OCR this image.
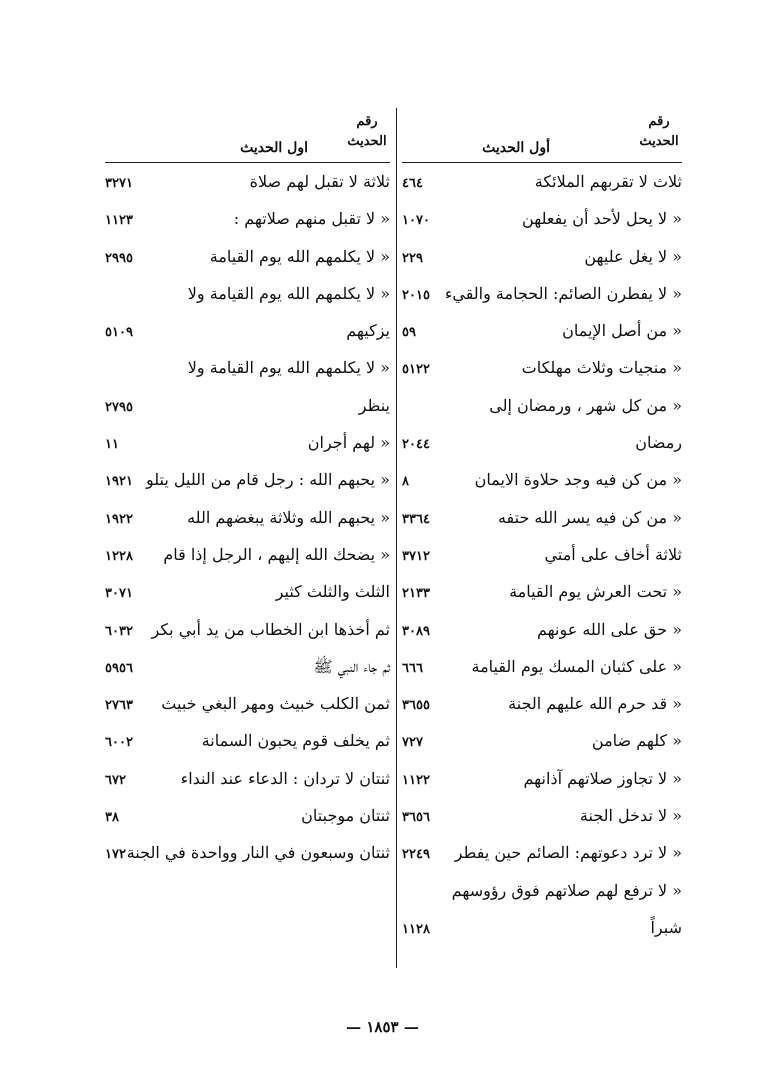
رقم
الحديث
أول الحديث
ثلاث لا تقربهم الملائكة
٤٦٤
« لا يحل لأحد أن يفعلهن
١٠٧٠
« لا يغل عليهن
٢٢٩
« لا يفطرن الصائم: الحجامة والقيء
٢٠١٥
« من أصل الإيمان
٥٩
« منجيات وثلاث مهلكات
٥١٢٢
« من كل شهر ، ورمضان إلى
رمضان
٢٠٤٤
« من كن فيه وجد حلاوة الايمان
٨
« من كن فيه يسر الله حتفه
٣٣٦٤
ثلاثة أخاف على أمتي
٣٧١٢
« تحت العرش يوم القيامة
٢١٣٣
« حق على الله عونهم
٣٠٨٩
« على كثبان المسك يوم القيامة
٦٦٦
« قد حرم الله عليهم الجنة
٣٦٥٥
« كلهم ضامن
٧٢٧
« لا تجاوز صلاتهم آذانهم
١١٢٢
« لا تدخل الجنة
٣٦٥٦
« لا ترد دعوتهم: الصائم حين يفطر
٢٢٤٩
« لا ترفع لهم صلاتهم فوق رؤوسهم
شبراً
١١٢٨
رقم
الحديث
اول الحديث
ثلاثة لا تقبل لهم صلاة
٣٢٧١
« لا تقبل منهم صلاتهم :
١١٢٣
« لا يكلمهم الله يوم القيامة
٢٩٩٥
« لا يكلمهم الله يوم القيامة ولا
يزكيهم
٥١٠٩
« لا يكلمهم الله يوم القيامة ولا
ينظر
٢٧٩٥
« لهم أجران
١١
« يحبهم الله : رجل قام من الليل يتلو
١٩٢١
« يحبهم الله وثلاثة يبغضهم الله
١٩٢٢
« يضحك الله إليهم ، الرجل إذا قام
١٢٢٨
الثلث والثلث كثير
٣٠٧١
ثم أخذها ابن الخطاب من يد أبي بكر
٦٠٣٢
ثم جاء النبي ﷺ
٥٩٥٦
ثمن الكلب خبيث ومهر البغي خبيث
٢٧٦٣
ثم يخلف قوم يحبون السمانة
٦٠٠٢
ثنتان لا تردان : الدعاء عند النداء
٦٧٢
ثنتان موجبتان
٣٨
ثنتان وسبعون في النار وواحدة في الجنة
١٧٢
— ١٨٥٣ —
